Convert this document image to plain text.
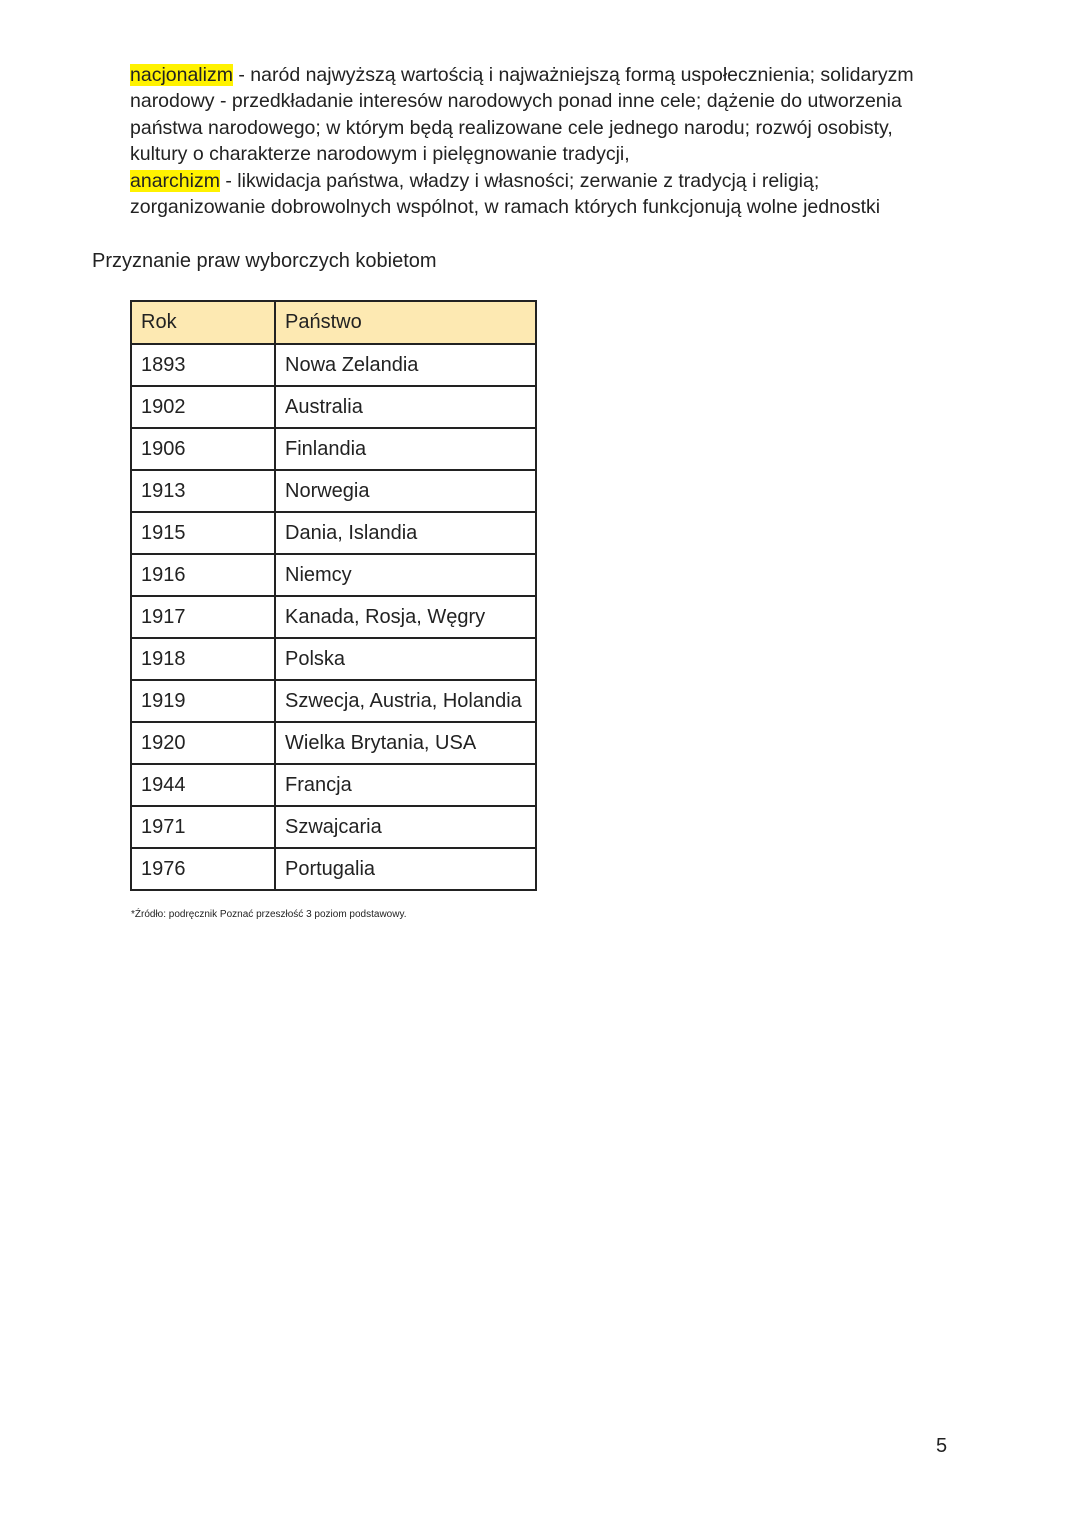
nacjonalizm - naród najwyższą wartością i najważniejszą formą uspołecznienia; solidaryzm
narodowy - przedkładanie interesów narodowych ponad inne cele; dążenie do utworzenia
państwa narodowego; w którym będą realizowane cele jednego narodu; rozwój osobisty,
kultury o charakterze narodowym i pielęgnowanie tradycji,
anarchizm - likwidacja państwa, władzy i własności; zerwanie z tradycją i religią;
zorganizowanie dobrowolnych wspólnot, w ramach których funkcjonują wolne jednostki
Przyznanie praw wyborczych kobietom
Rok	Państwo
1893	Nowa Zelandia
1902	Australia
1906	Finlandia
1913	Norwegia
1915	Dania, Islandia
1916	Niemcy
1917	Kanada, Rosja, Węgry
1918	Polska
1919	Szwecja, Austria, Holandia
1920	Wielka Brytania, USA
1944	Francja
1971	Szwajcaria
1976	Portugalia
*Źródło: podręcznik Poznać przeszłość 3 poziom podstawowy.
5
